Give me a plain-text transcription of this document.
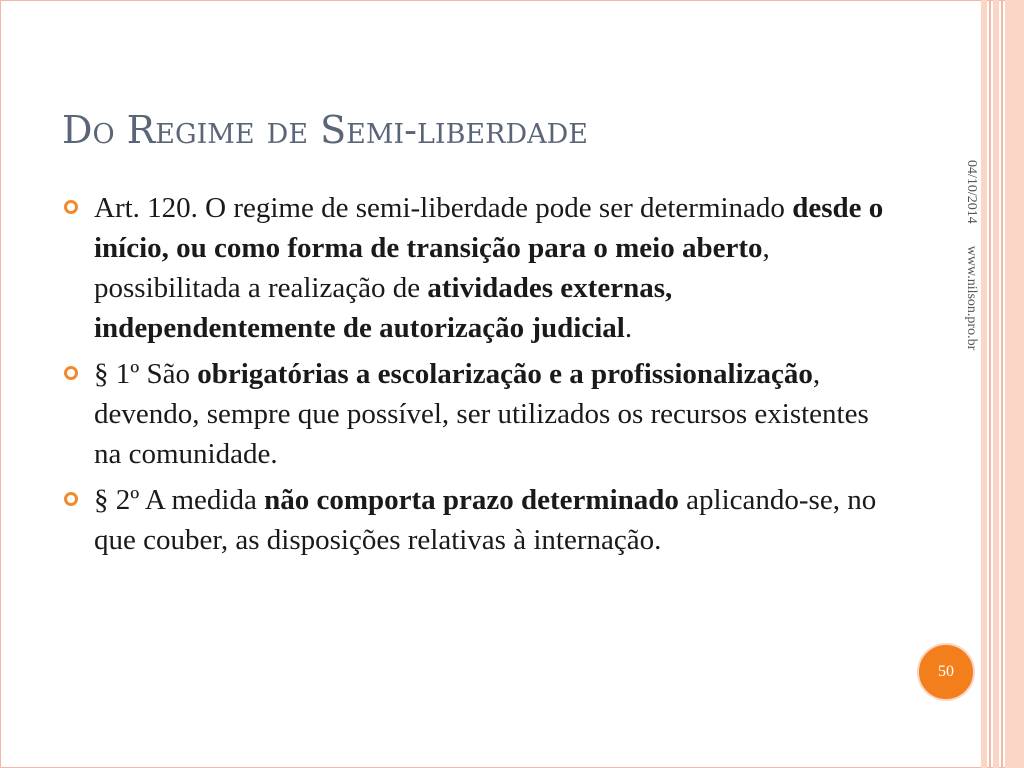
Do Regime de Semi-liberdade
04/10/2014www.nilson.pro.br
Art. 120. O regime de semi-liberdade pode ser determinado desde o início, ou como forma de transição para o meio aberto, possibilitada a realização de atividades externas, independentemente de autorização judicial.
§ 1º São obrigatórias a escolarização e a profissionalização, devendo, sempre que possível, ser utilizados os recursos existentes na comunidade.
§ 2º A medida não comporta prazo determinado aplicando-se, no que couber, as disposições relativas à internação.
50
